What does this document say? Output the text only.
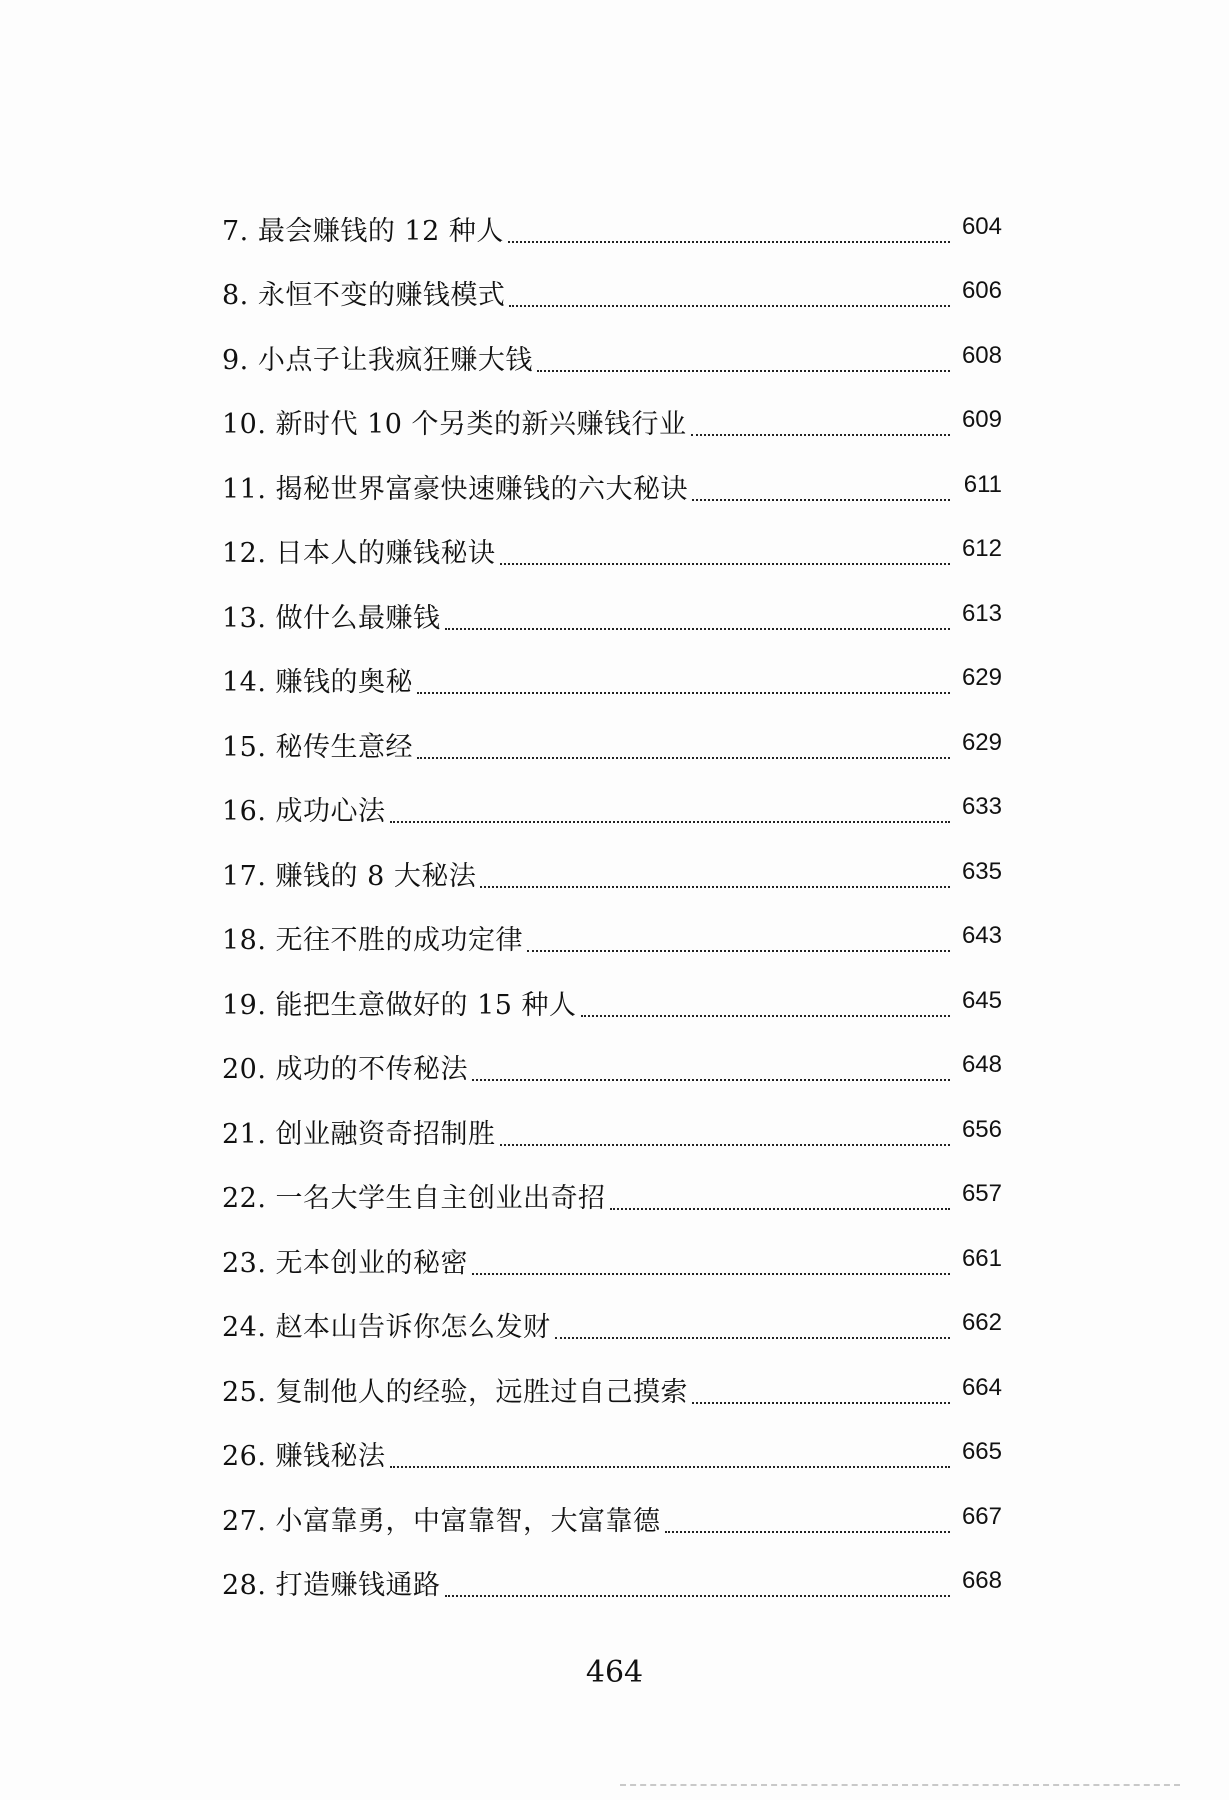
7. 最会赚钱的 12 种人	604
8. 永恒不变的赚钱模式	606
9. 小点子让我疯狂赚大钱	608
10. 新时代 10 个另类的新兴赚钱行业	609
11. 揭秘世界富豪快速赚钱的六大秘诀	611
12. 日本人的赚钱秘诀	612
13. 做什么最赚钱	613
14. 赚钱的奥秘	629
15. 秘传生意经	629
16. 成功心法	633
17. 赚钱的 8 大秘法	635
18. 无往不胜的成功定律	643
19. 能把生意做好的 15 种人	645
20. 成功的不传秘法	648
21. 创业融资奇招制胜	656
22. 一名大学生自主创业出奇招	657
23. 无本创业的秘密	661
24. 赵本山告诉你怎么发财	662
25. 复制他人的经验，远胜过自己摸索	664
26. 赚钱秘法	665
27. 小富靠勇，中富靠智，大富靠德	667
28. 打造赚钱通路	668
464
